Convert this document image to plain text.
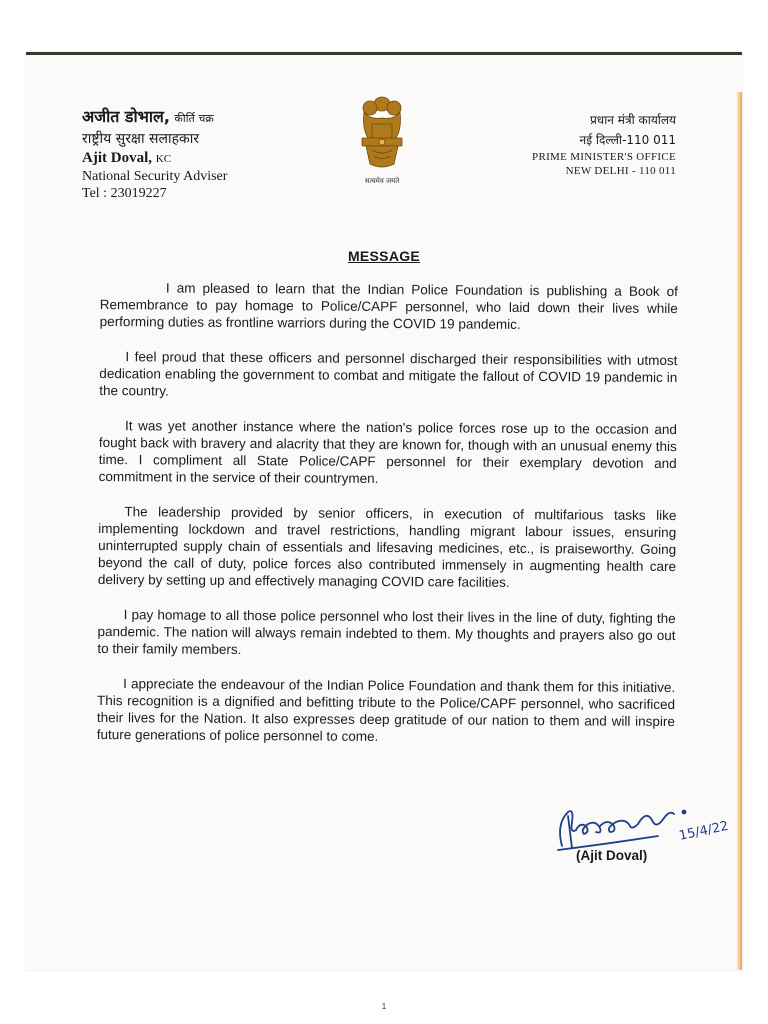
अजीत डोभाल, कीर्ति चक्र
राष्ट्रीय सुरक्षा सलाहकार
Ajit Doval, KC
National Security Adviser
Tel : 23019227
सत्यमेव जयते
प्रधान मंत्री कार्यालय
नई दिल्ली-110 011
PRIME MINISTER'S OFFICE
NEW DELHI - 110 011
MESSAGE

I am pleased to learn that the Indian Police Foundation is publishing a Book of Remembrance to pay homage to Police/CAPF personnel, who laid down their lives while performing duties as frontline warriors during the COVID 19 pandemic.

I feel proud that these officers and personnel discharged their responsibilities with utmost dedication enabling the government to combat and mitigate the fallout of COVID 19 pandemic in the country.

It was yet another instance where the nation's police forces rose up to the occasion and fought back with bravery and alacrity that they are known for, though with an unusual enemy this time. I compliment all State Police/CAPF personnel for their exemplary devotion and commitment in the service of their countrymen.

The leadership provided by senior officers, in execution of multifarious tasks like implementing lockdown and travel restrictions, handling migrant labour issues, ensuring uninterrupted supply chain of essentials and lifesaving medicines, etc., is praiseworthy. Going beyond the call of duty, police forces also contributed immensely in augmenting health care delivery by setting up and effectively managing COVID care facilities.

I pay homage to all those police personnel who lost their lives in the line of duty, fighting the pandemic. The nation will always remain indebted to them. My thoughts and prayers also go out to their family members.

I appreciate the endeavour of the Indian Police Foundation and thank them for this initiative. This recognition is a dignified and befitting tribute to the Police/CAPF personnel, who sacrificed their lives for the Nation. It also expresses deep gratitude of our nation to them and will inspire future generations of police personnel to come.

15/4/22
(Ajit Doval)
1
